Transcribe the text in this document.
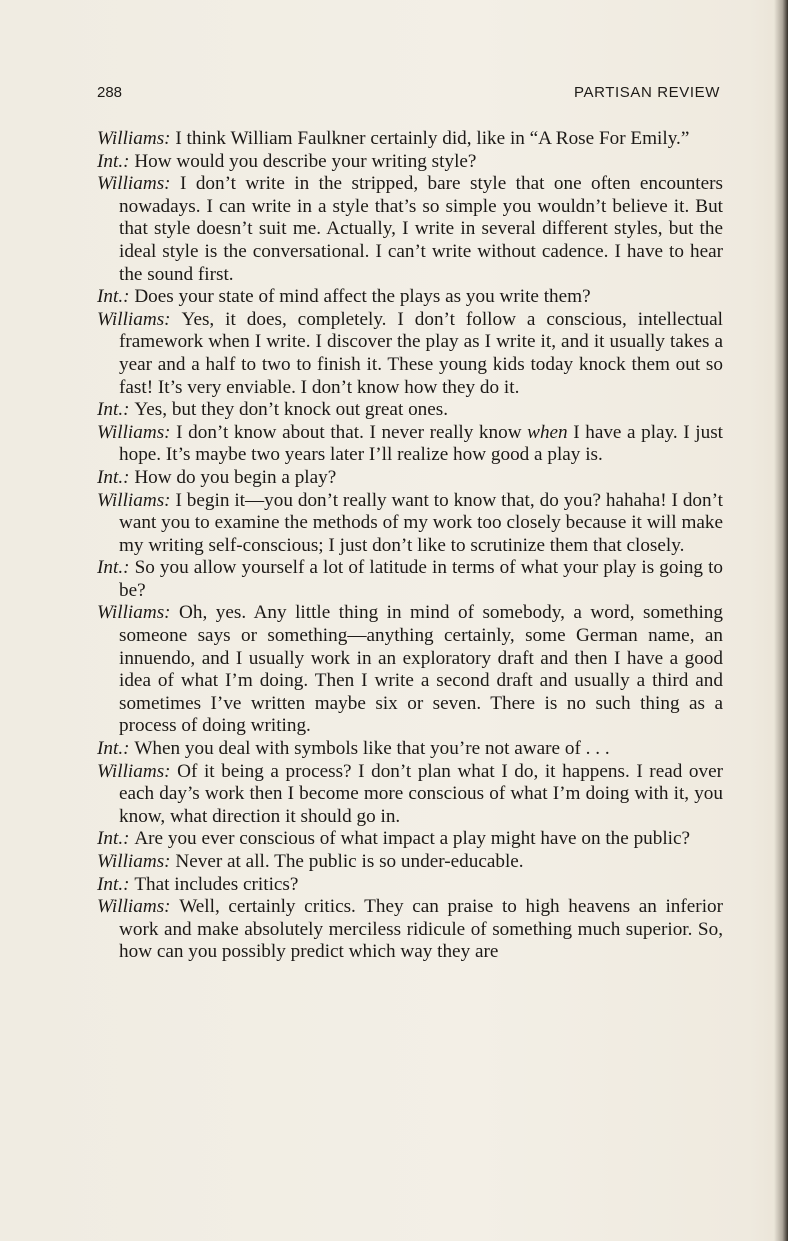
288	PARTISAN REVIEW

Williams: I think William Faulkner certainly did, like in “A Rose For Emily.”

Int.: How would you describe your writing style?

Williams: I don’t write in the stripped, bare style that one often encounters nowadays. I can write in a style that’s so simple you wouldn’t believe it. But that style doesn’t suit me. Actually, I write in several different styles, but the ideal style is the conversational. I can’t write without cadence. I have to hear the sound first.

Int.: Does your state of mind affect the plays as you write them?

Williams: Yes, it does, completely. I don’t follow a conscious, intellectual framework when I write. I discover the play as I write it, and it usually takes a year and a half to two to finish it. These young kids today knock them out so fast! It’s very enviable. I don’t know how they do it.

Int.: Yes, but they don’t knock out great ones.

Williams: I don’t know about that. I never really know when I have a play. I just hope. It’s maybe two years later I’ll realize how good a play is.

Int.: How do you begin a play?

Williams: I begin it—you don’t really want to know that, do you? hahaha! I don’t want you to examine the methods of my work too closely because it will make my writing self-conscious; I just don’t like to scrutinize them that closely.

Int.: So you allow yourself a lot of latitude in terms of what your play is going to be?

Williams: Oh, yes. Any little thing in mind of somebody, a word, something someone says or something—anything certainly, some German name, an innuendo, and I usually work in an exploratory draft and then I have a good idea of what I’m doing. Then I write a second draft and usually a third and sometimes I’ve written maybe six or seven. There is no such thing as a process of doing writing.

Int.: When you deal with symbols like that you’re not aware of . . .

Williams: Of it being a process? I don’t plan what I do, it happens. I read over each day’s work then I become more conscious of what I’m doing with it, you know, what direction it should go in.

Int.: Are you ever conscious of what impact a play might have on the public?

Williams: Never at all. The public is so under-educable.

Int.: That includes critics?

Williams: Well, certainly critics. They can praise to high heavens an inferior work and make absolutely merciless ridicule of something much superior. So, how can you possibly predict which way they are
